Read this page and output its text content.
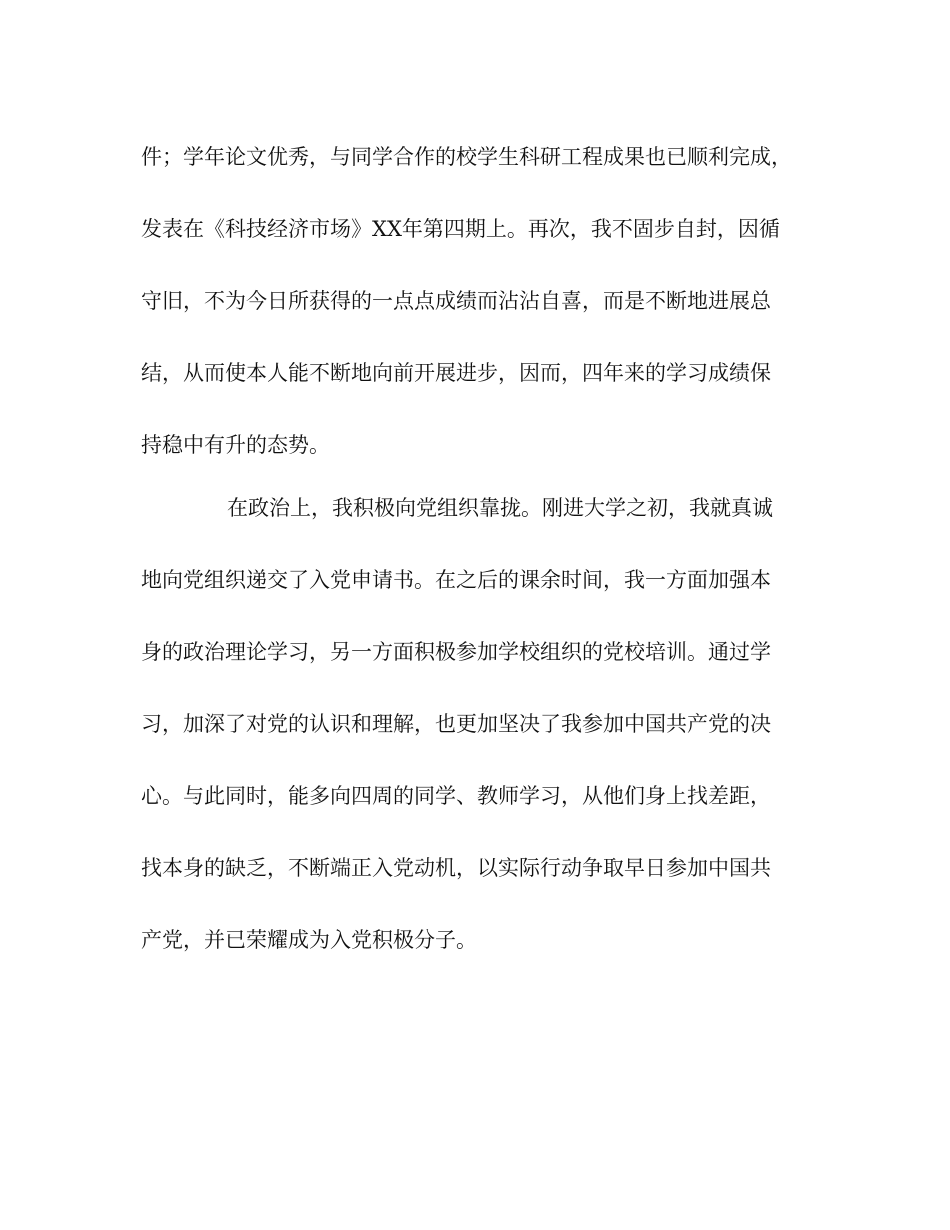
件；学年论文优秀，与同学合作的校学生科研工程成果也已顺利完成，
发表在《科技经济市场》XX年第四期上。再次，我不固步自封，因循
守旧，不为今日所获得的一点点成绩而沾沾自喜，而是不断地进展总
结，从而使本人能不断地向前开展进步，因而，四年来的学习成绩保
持稳中有升的态势。
在政治上，我积极向党组织靠拢。刚进大学之初，我就真诚
地向党组织递交了入党申请书。在之后的课余时间，我一方面加强本
身的政治理论学习，另一方面积极参加学校组织的党校培训。通过学
习，加深了对党的认识和理解，也更加坚决了我参加中国共产党的决
心。与此同时，能多向四周的同学、教师学习，从他们身上找差距，
找本身的缺乏，不断端正入党动机，以实际行动争取早日参加中国共
产党，并已荣耀成为入党积极分子。
